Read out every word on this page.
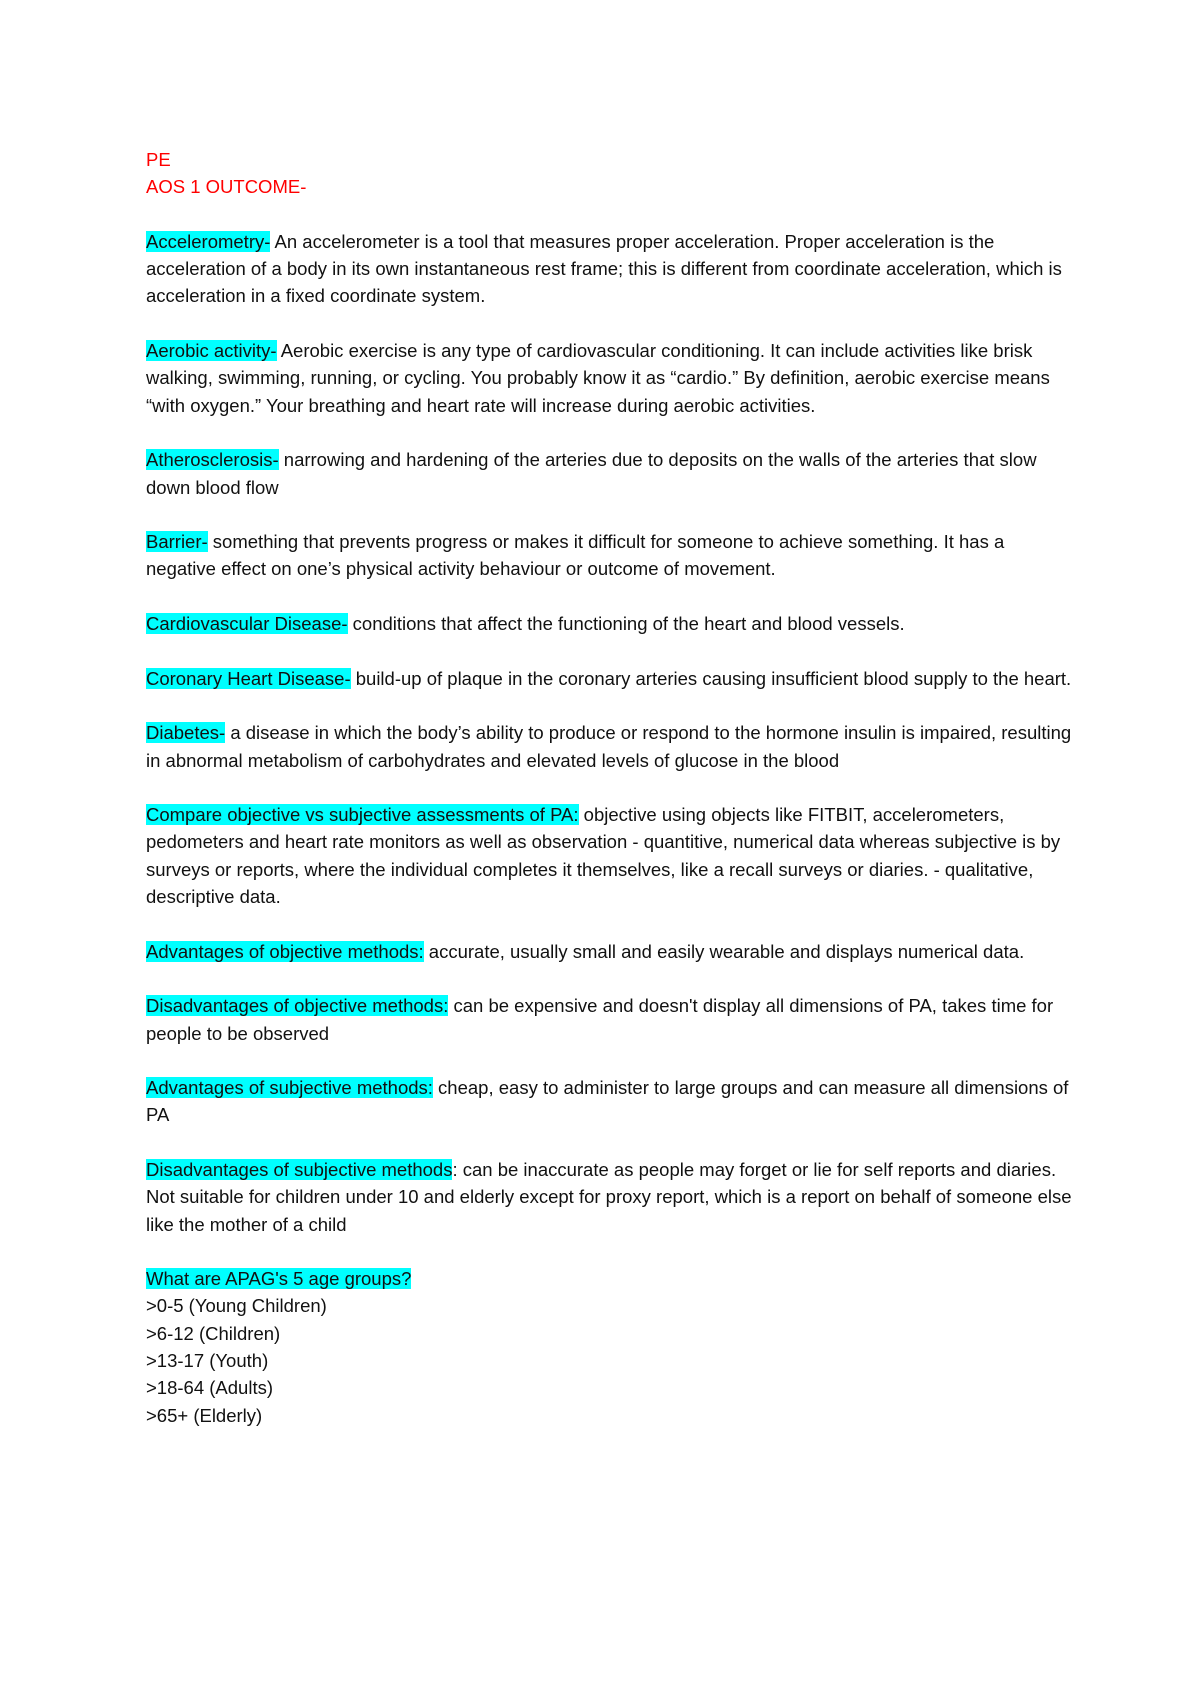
PE

AOS 1 OUTCOME-

Accelerometry- An accelerometer is a tool that measures proper acceleration. Proper acceleration is the acceleration of a body in its own instantaneous rest frame; this is different from coordinate acceleration, which is acceleration in a fixed coordinate system.

Aerobic activity- Aerobic exercise is any type of cardiovascular conditioning. It can include activities like brisk walking, swimming, running, or cycling. You probably know it as “cardio.” By definition, aerobic exercise means “with oxygen.” Your breathing and heart rate will increase during aerobic activities.

Atherosclerosis- narrowing and hardening of the arteries due to deposits on the walls of the arteries that slow down blood flow

Barrier- something that prevents progress or makes it difficult for someone to achieve something. It has a negative effect on one’s physical activity behaviour or outcome of movement.

Cardiovascular Disease- conditions that affect the functioning of the heart and blood vessels.

Coronary Heart Disease- build-up of plaque in the coronary arteries causing insufficient blood supply to the heart.

Diabetes- a disease in which the body’s ability to produce or respond to the hormone insulin is impaired, resulting in abnormal metabolism of carbohydrates and elevated levels of glucose in the blood

Compare objective vs subjective assessments of PA: objective using objects like FITBIT, accelerometers, pedometers and heart rate monitors as well as observation - quantitive, numerical data whereas subjective is by surveys or reports, where the individual completes it themselves, like a recall surveys or diaries. - qualitative, descriptive data.

Advantages of objective methods: accurate, usually small and easily wearable and displays numerical data.

Disadvantages of objective methods: can be expensive and doesn't display all dimensions of PA, takes time for people to be observed

Advantages of subjective methods: cheap, easy to administer to large groups and can measure all dimensions of PA

Disadvantages of subjective methods: can be inaccurate as people may forget or lie for self reports and diaries. Not suitable for children under 10 and elderly except for proxy report, which is a report on behalf of someone else like the mother of a child

What are APAG's 5 age groups?

>0-5 (Young Children)
>6-12 (Children)
>13-17 (Youth)
>18-64 (Adults)
>65+ (Elderly)
